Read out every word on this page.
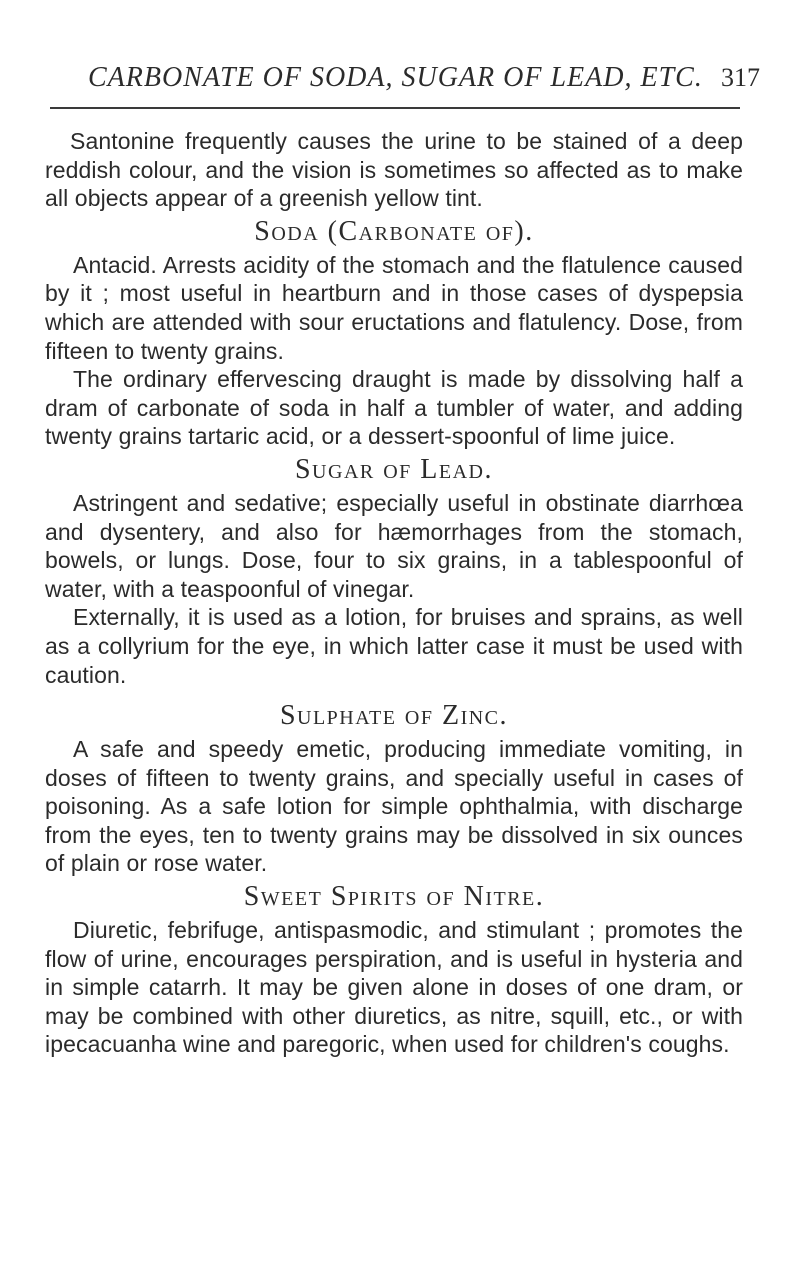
CARBONATE OF SODA, SUGAR OF LEAD, ETC. 317

Santonine frequently causes the urine to be stained of a deep reddish colour, and the vision is sometimes so affected as to make all objects appear of a greenish yellow tint.

Soda (Carbonate of).

Antacid. Arrests acidity of the stomach and the flatulence caused by it ; most useful in heartburn and in those cases of dyspepsia which are attended with sour eructations and flatulency. Dose, from fifteen to twenty grains.

The ordinary effervescing draught is made by dissolving half a dram of carbonate of soda in half a tumbler of water, and adding twenty grains tartaric acid, or a dessert-spoonful of lime juice.

Sugar of Lead.

Astringent and sedative; especially useful in obstinate diarrhœa and dysentery, and also for hæmorrhages from the stomach, bowels, or lungs. Dose, four to six grains, in a tablespoonful of water, with a teaspoonful of vinegar.

Externally, it is used as a lotion, for bruises and sprains, as well as a collyrium for the eye, in which latter case it must be used with caution.

Sulphate of Zinc.

A safe and speedy emetic, producing immediate vomiting, in doses of fifteen to twenty grains, and specially useful in cases of poisoning. As a safe lotion for simple ophthalmia, with discharge from the eyes, ten to twenty grains may be dissolved in six ounces of plain or rose water.

Sweet Spirits of Nitre.

Diuretic, febrifuge, antispasmodic, and stimulant ; promotes the flow of urine, encourages perspiration, and is useful in hysteria and in simple catarrh. It may be given alone in doses of one dram, or may be combined with other diuretics, as nitre, squill, etc., or with ipecacuanha wine and paregoric, when used for children's coughs.
